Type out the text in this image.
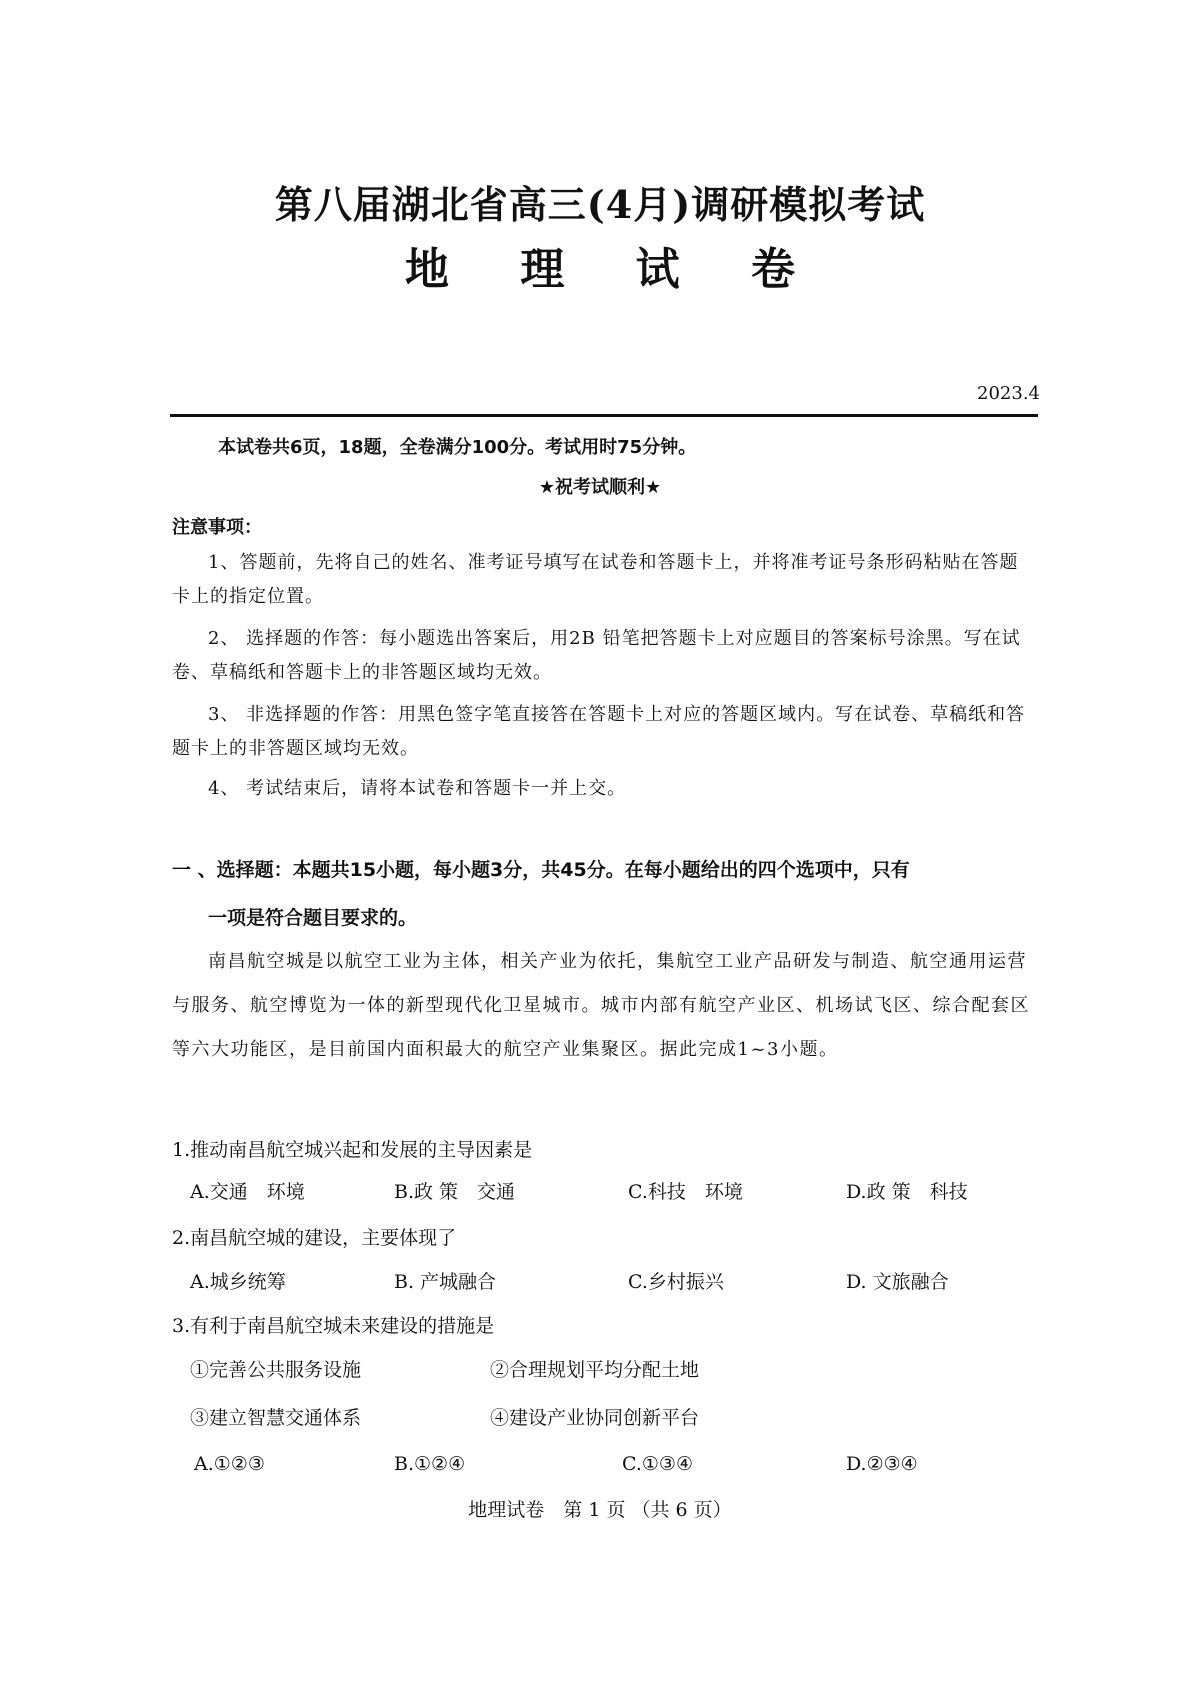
第八届湖北省高三(4月)调研模拟考试
地 理 试 卷
2023.4
本试卷共6页，18题，全卷满分100分。考试用时75分钟。
★祝考试顺利★
注意事项：
1、答题前，先将自己的姓名、准考证号填写在试卷和答题卡上，并将准考证号条形码粘贴在答题卡上的指定位置。
2、 选择题的作答：每小题选出答案后，用2B 铅笔把答题卡上对应题目的答案标号涂黑。写在试卷、草稿纸和答题卡上的非答题区域均无效。
3、 非选择题的作答：用黑色签字笔直接答在答题卡上对应的答题区域内。写在试卷、草稿纸和答题卡上的非答题区域均无效。
4、 考试结束后，请将本试卷和答题卡一并上交。
一 、选择题：本题共15小题，每小题3分，共45分。在每小题给出的四个选项中，只有
一项是符合题目要求的。
南昌航空城是以航空工业为主体，相关产业为依托，集航空工业产品研发与制造、航空通用运营与服务、航空博览为一体的新型现代化卫星城市。城市内部有航空产业区、机场试飞区、综合配套区等六大功能区，是目前国内面积最大的航空产业集聚区。据此完成1~3小题。
1.推动南昌航空城兴起和发展的主导因素是
A.交通　环境	B.政 策　交通	C.科技　环境	D.政 策　科技
2.南昌航空城的建设，主要体现了
A.城乡统筹	B. 产城融合	C.乡村振兴	D. 文旅融合
3.有利于南昌航空城未来建设的措施是
①完善公共服务设施	②合理规划平均分配土地
③建立智慧交通体系	④建设产业协同创新平台
A.①②③	B.①②④	C.①③④	D.②③④
地理试卷　第 1 页 （共 6 页）
